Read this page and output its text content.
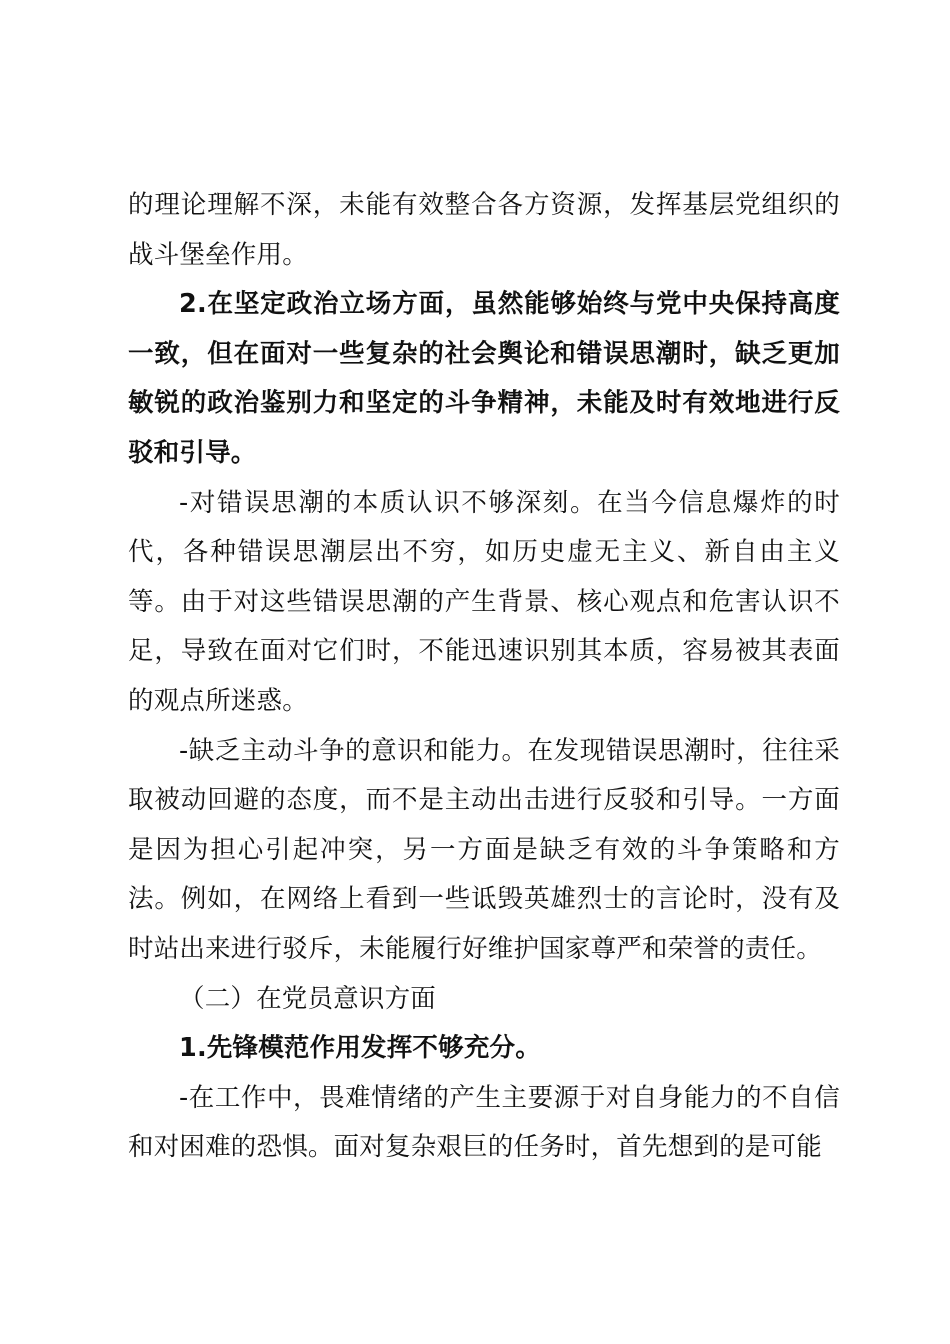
的理论理解不深，未能有效整合各方资源，发挥基层党组织的战斗堡垒作用。

2.在坚定政治立场方面，虽然能够始终与党中央保持高度一致，但在面对一些复杂的社会舆论和错误思潮时，缺乏更加敏锐的政治鉴别力和坚定的斗争精神，未能及时有效地进行反驳和引导。

-对错误思潮的本质认识不够深刻。在当今信息爆炸的时代，各种错误思潮层出不穷，如历史虚无主义、新自由主义等。由于对这些错误思潮的产生背景、核心观点和危害认识不足，导致在面对它们时，不能迅速识别其本质，容易被其表面的观点所迷惑。

-缺乏主动斗争的意识和能力。在发现错误思潮时，往往采取被动回避的态度，而不是主动出击进行反驳和引导。一方面是因为担心引起冲突，另一方面是缺乏有效的斗争策略和方法。例如，在网络上看到一些诋毁英雄烈士的言论时，没有及时站出来进行驳斥，未能履行好维护国家尊严和荣誉的责任。

（二）在党员意识方面

1.先锋模范作用发挥不够充分。

-在工作中，畏难情绪的产生主要源于对自身能力的不自信和对困难的恐惧。面对复杂艰巨的任务时，首先想到的是可能
